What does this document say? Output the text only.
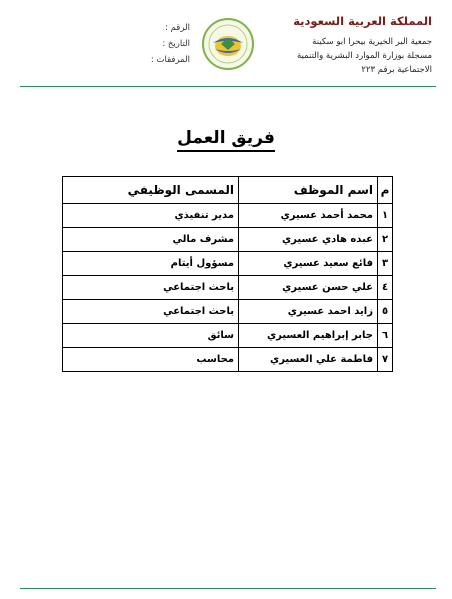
المملكة العربية السعودية
جمعية البر الخيرية بيحرا ابو سكينة
مسجلة بوزارة الموارد البشرية والتنمية
الاجتماعية برقم ٢٢٣
الرقم :
التاريخ :
المرفقات :
فريق العمل
م	اسم الموظف	المسمى الوظيفي
١	محمد أحمد عسيري	مدير تنفيذي
٢	عبده هادي عسيري	مشرف مالي
٣	فائع سعيد عسيري	مسؤول أيتام
٤	علي حسن عسيري	باحث اجتماعي
٥	زايد احمد عسيري	باحث اجتماعي
٦	جابر إبراهيم العسيري	سائق
٧	فاطمة علي العسيري	محاسب
